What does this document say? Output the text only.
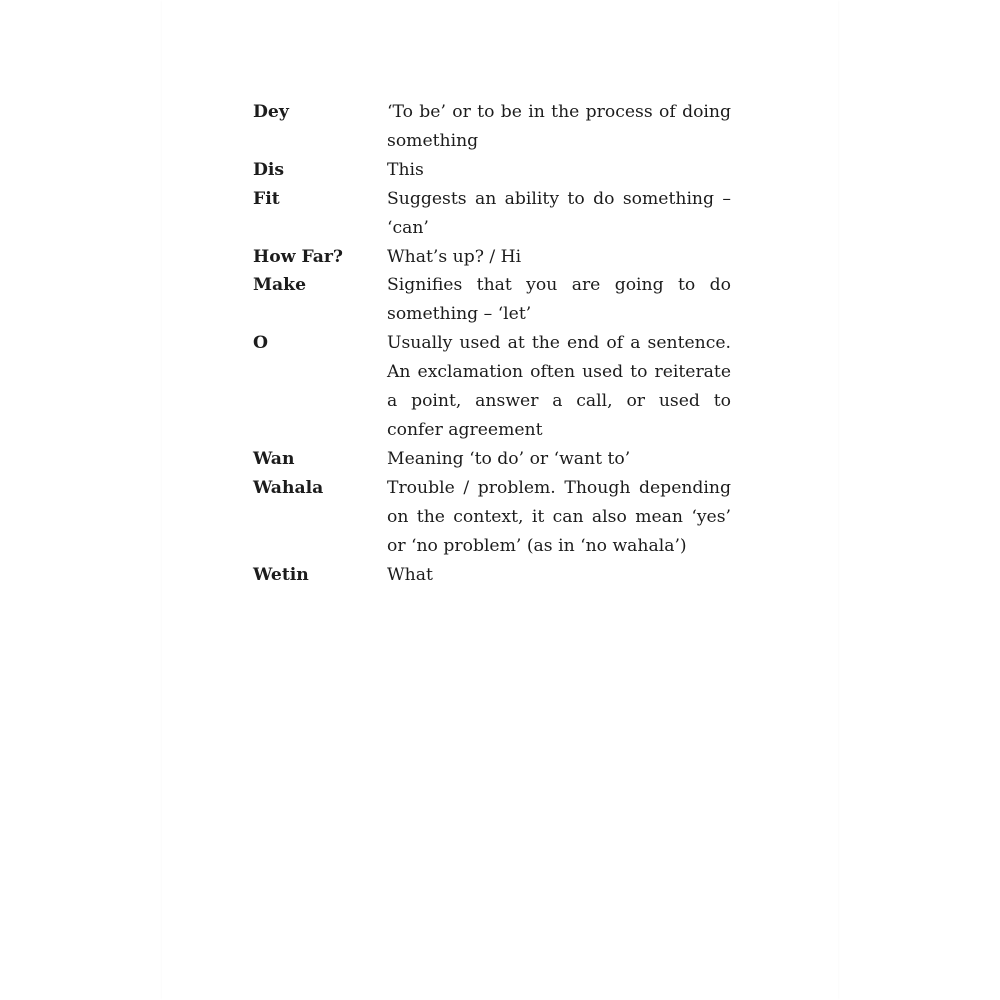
Dey	‘To be’ or to be in the process of doing something
Dis	This
Fit	Suggests an ability to do something – ‘can’
How Far?	What’s up? / Hi
Make	Signifies that you are going to do something – ‘let’
O	Usually used at the end of a sentence. An exclamation often used to reiterate a point, answer a call, or used to confer agreement
Wan	Meaning ‘to do’ or ‘want to’
Wahala	Trouble / problem. Though depending on the context, it can also mean ‘yes’ or ‘no problem’ (as in ‘no wahala’)
Wetin	What
